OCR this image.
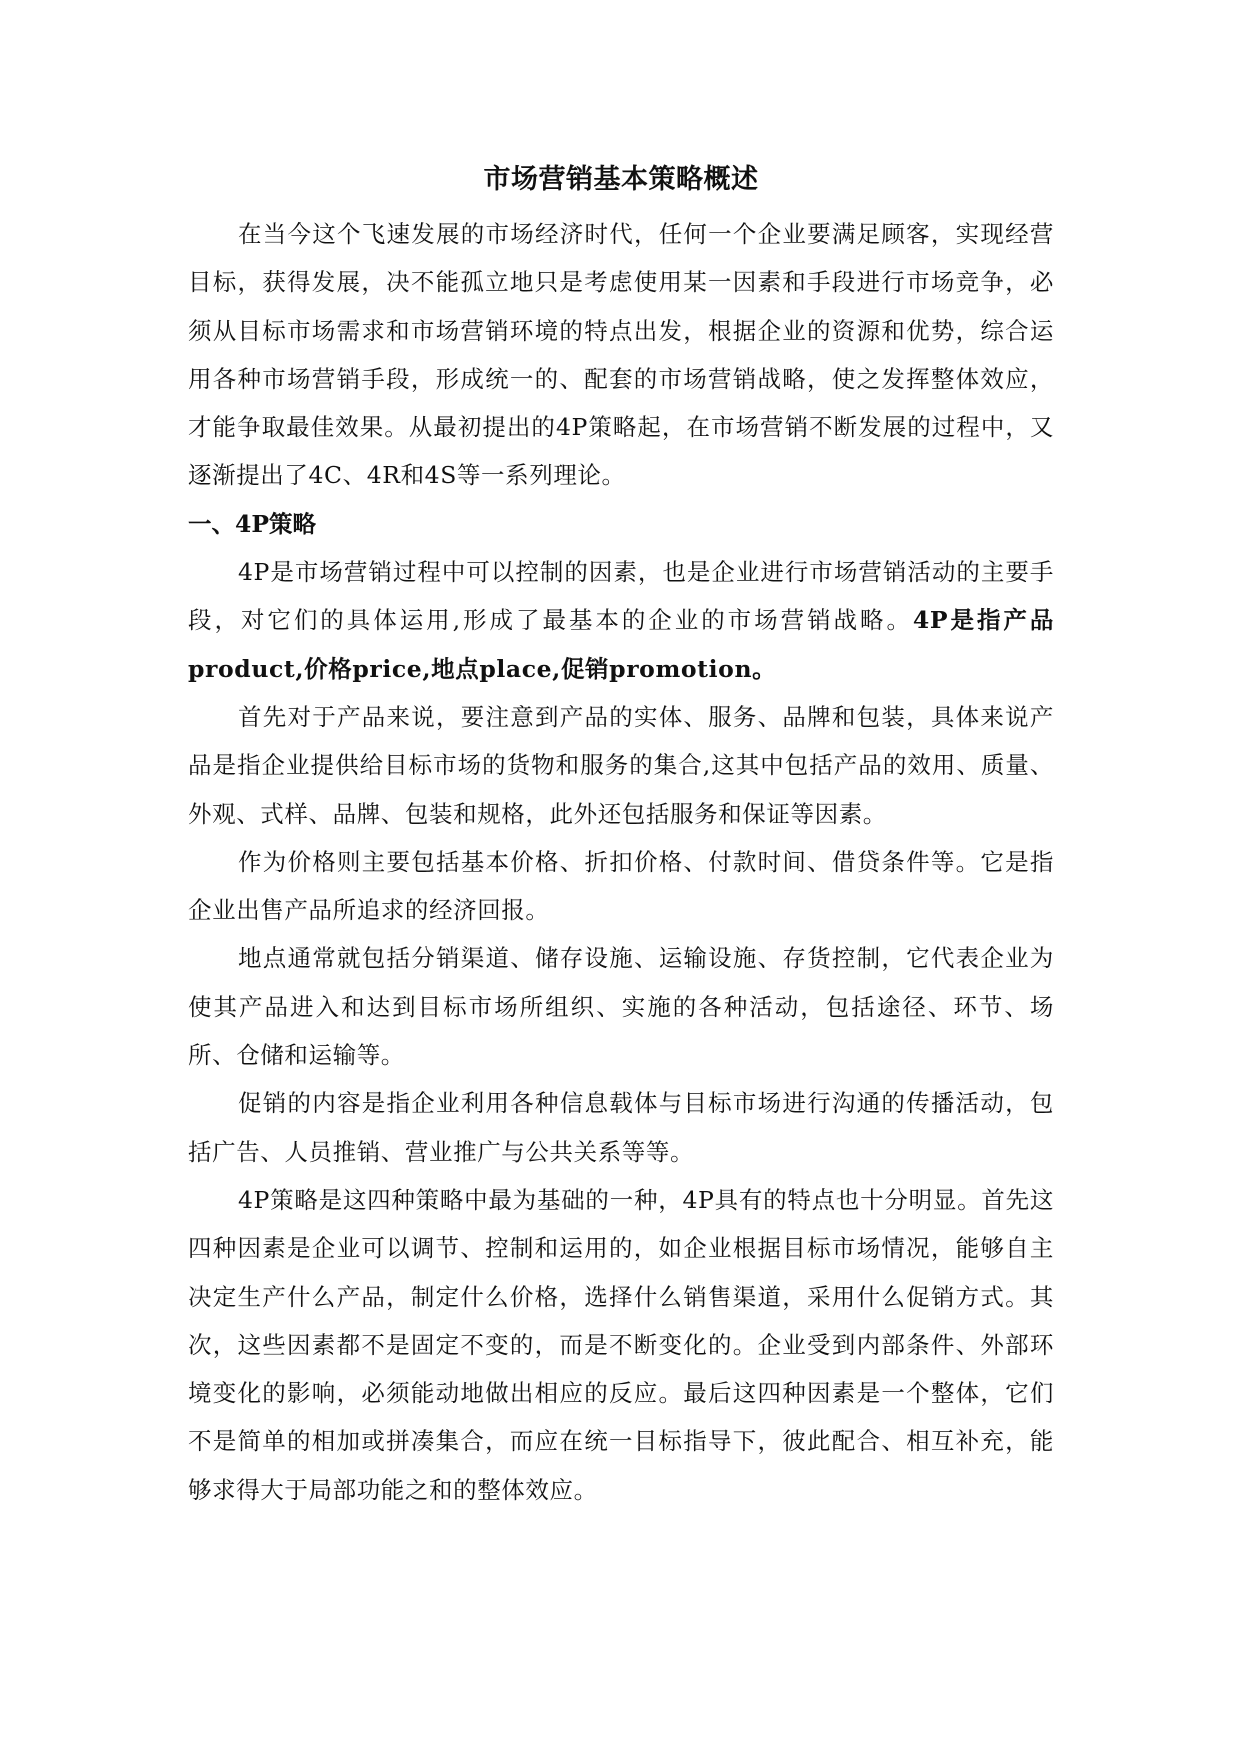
市场营销基本策略概述

在当今这个飞速发展的市场经济时代，任何一个企业要满足顾客，实现经营目标，获得发展，决不能孤立地只是考虑使用某一因素和手段进行市场竞争，必须从目标市场需求和市场营销环境的特点出发，根据企业的资源和优势，综合运用各种市场营销手段，形成统一的、配套的市场营销战略，使之发挥整体效应，才能争取最佳效果。从最初提出的4P策略起，在市场营销不断发展的过程中，又逐渐提出了4C、4R和4S等一系列理论。

一、4P策略

4P是市场营销过程中可以控制的因素，也是企业进行市场营销活动的主要手段，对它们的具体运用,形成了最基本的企业的市场营销战略。4P是指产品product,价格price,地点place,促销promotion。

首先对于产品来说，要注意到产品的实体、服务、品牌和包装，具体来说产品是指企业提供给目标市场的货物和服务的集合,这其中包括产品的效用、质量、外观、式样、品牌、包装和规格，此外还包括服务和保证等因素。

作为价格则主要包括基本价格、折扣价格、付款时间、借贷条件等。它是指企业出售产品所追求的经济回报。

地点通常就包括分销渠道、储存设施、运输设施、存货控制，它代表企业为使其产品进入和达到目标市场所组织、实施的各种活动，包括途径、环节、场所、仓储和运输等。

促销的内容是指企业利用各种信息载体与目标市场进行沟通的传播活动，包括广告、人员推销、营业推广与公共关系等等。

4P策略是这四种策略中最为基础的一种，4P具有的特点也十分明显。首先这四种因素是企业可以调节、控制和运用的，如企业根据目标市场情况，能够自主决定生产什么产品，制定什么价格，选择什么销售渠道，采用什么促销方式。其次，这些因素都不是固定不变的，而是不断变化的。企业受到内部条件、外部环境变化的影响，必须能动地做出相应的反应。最后这四种因素是一个整体，它们不是简单的相加或拼凑集合，而应在统一目标指导下，彼此配合、相互补充，能够求得大于局部功能之和的整体效应。
